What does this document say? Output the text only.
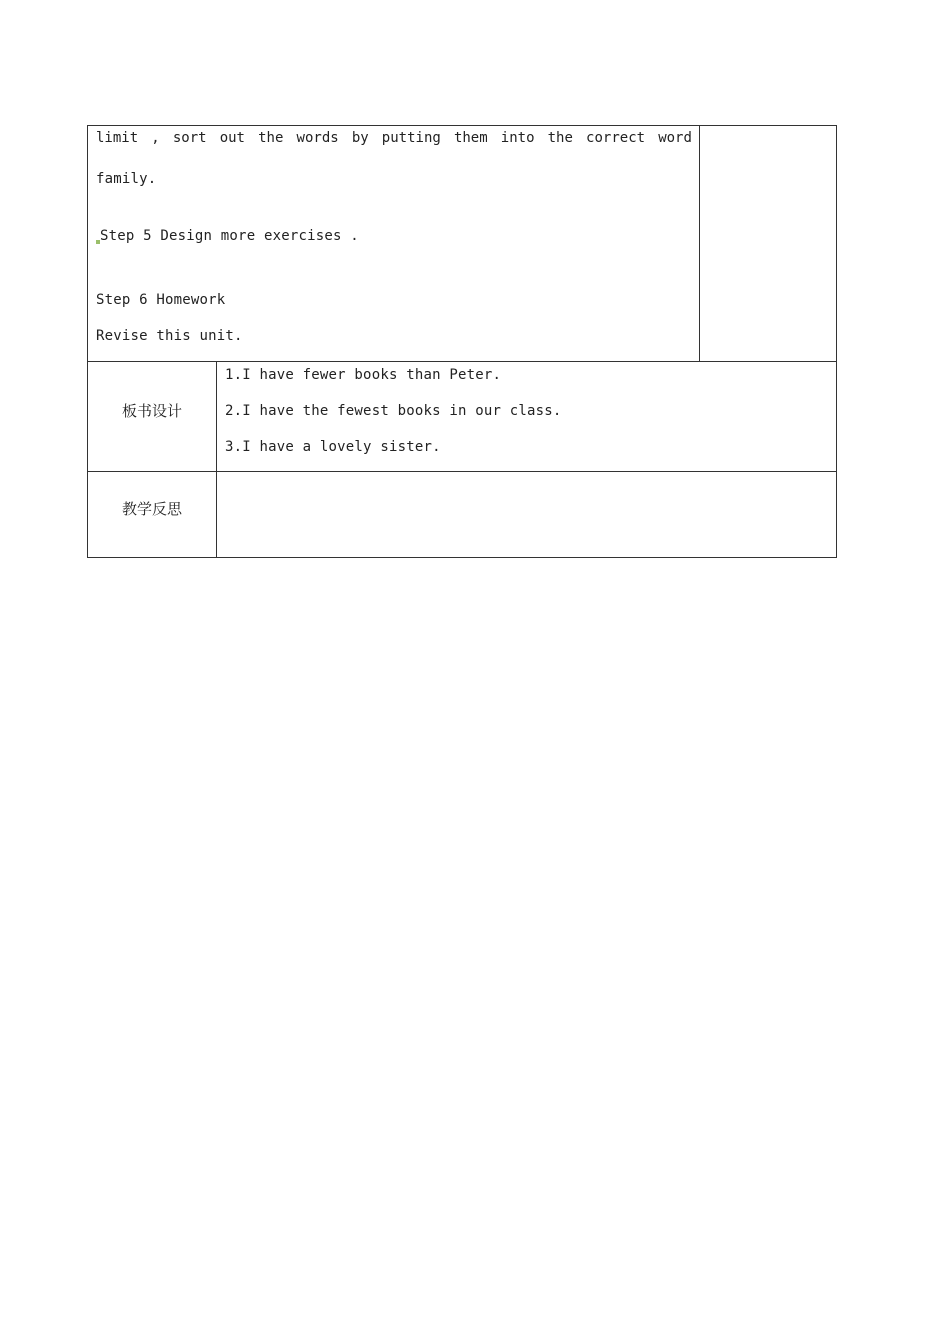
limit , sort out the words by putting them into the correct word
family.
Step 5 Design more exercises .
Step 6 Homework
Revise this unit.
板书设计
1.I have fewer books than Peter.
2.I have the fewest books in our class.
3.I have a lovely sister.
教学反思
